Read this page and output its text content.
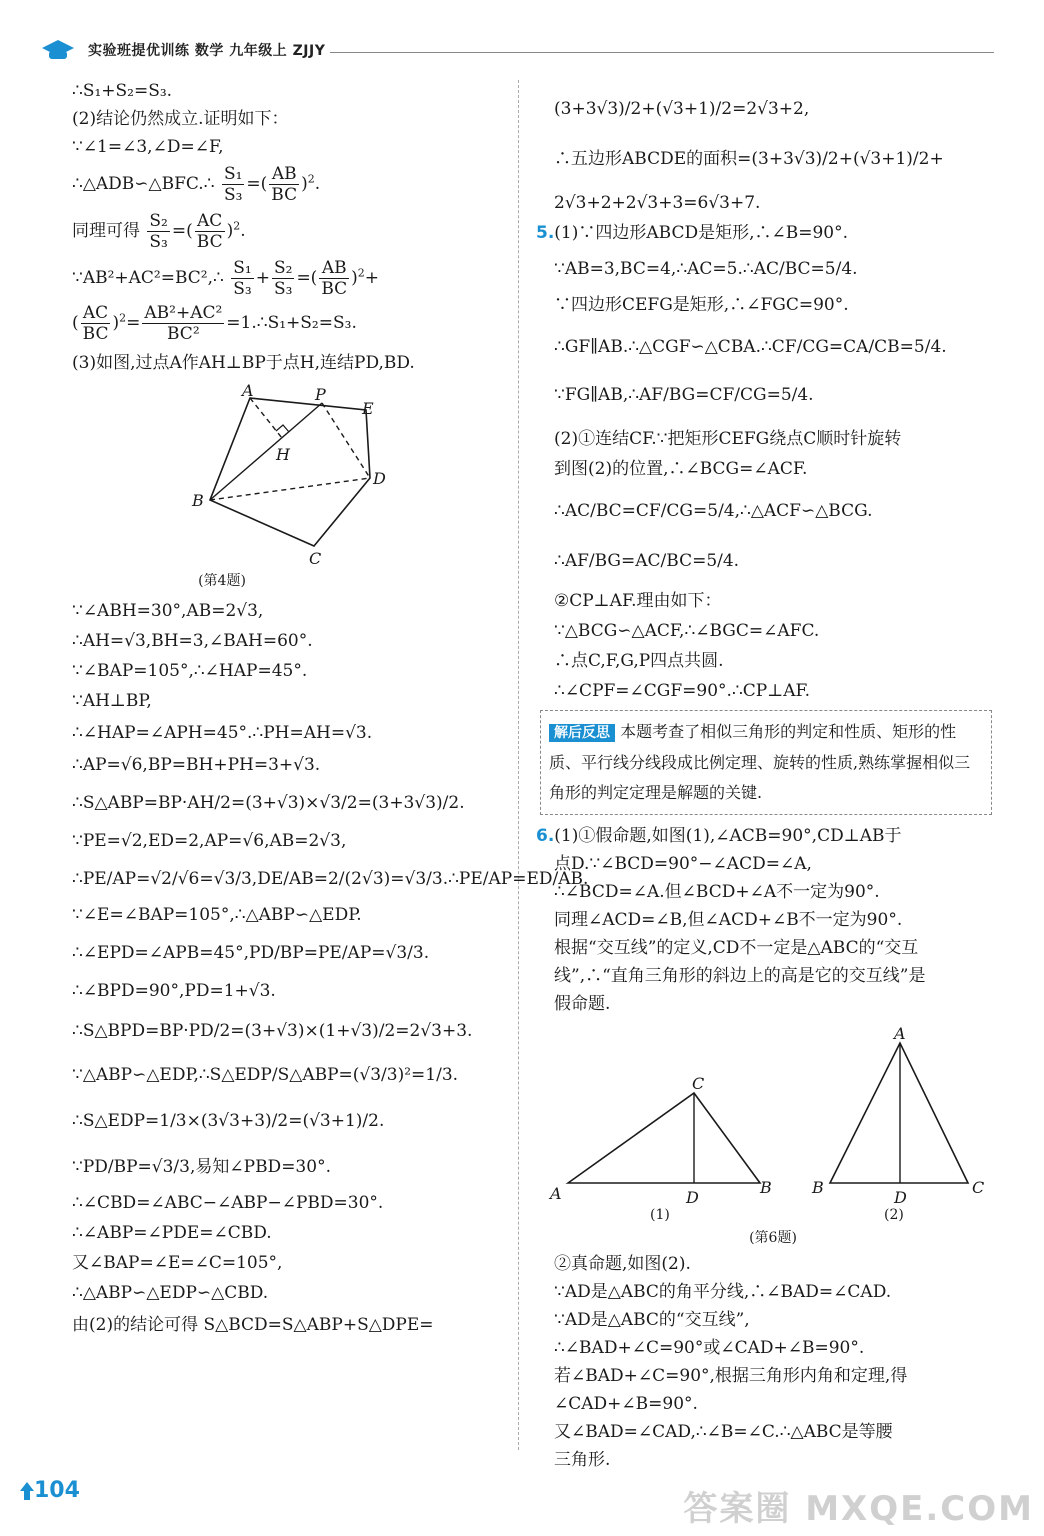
实验班提优训练 数学 九年级上 ZJJY
∴S₁+S₂=S₃.
(2)结论仍然成立.证明如下：
∵∠1=∠3,∠D=∠F,
∴△ADB∽△BFC.∴ $\frac{\text{S₁}}{\text{S₃}}$ =( $\frac{AB}{BC} )^2$.
同理可得 $\frac{\text{S₂}}{\text{S₃}}$ =( $\frac{AC}{BC} )^2$.
∵AB²+AC²=BC²,∴ $\frac{\text{S₁}}{\text{S₃}} + \frac{\text{S₂}}{\text{S₃}}$ =( $\frac{AB}{BC} )^2+$
( $\frac{AC}{BC} )^2= \frac{\text{AB²+AC²}}{\text{BC²}}$ =1.∴S₁+S₂=S₃.
(3)如图,过点A作AH⊥BP于点H,连结PD,BD.
A	P
E
H
D
B
C
(第4题)
∵∠ABH=30°,AB=2√3,
∴AH=√3,BH=3,∠BAH=60°.
∵∠BAP=105°,∴∠HAP=45°.
∵AH⊥BP,
∴∠HAP=∠APH=45°.∴PH=AH=√3.
∴AP=√6,BP=BH+PH=3+√3.
∴S△ABP=BP·AH/2=(3+√3)×√3/2=(3+3√3)/2.
∵PE=√2,ED=2,AP=√6,AB=2√3,
∴PE/AP=√2/√6=√3/3,DE/AB=2/(2√3)=√3/3.∴PE/AP=ED/AB.
∵∠E=∠BAP=105°,∴△ABP∽△EDP.
∴∠EPD=∠APB=45°,PD/BP=PE/AP=√3/3.
∴∠BPD=90°,PD=1+√3.
∴S△BPD=BP·PD/2=(3+√3)×(1+√3)/2=2√3+3.
∵△ABP∽△EDP,∴S△EDP/S△ABP=(√3/3)²=1/3.
∴S△EDP=1/3×(3√3+3)/2=(√3+1)/2.
∵PD/BP=√3/3,易知∠PBD=30°.
∴∠CBD=∠ABC−∠ABP−∠PBD=30°.
∴∠ABP=∠PDE=∠CBD.
又∠BAP=∠E=∠C=105°,
∴△ABP∽△EDP∽△CBD.
由(2)的结论可得 S△BCD=S△ABP+S△DPE=
(3+3√3)/2+(√3+1)/2=2√3+2,
∴五边形ABCDE的面积=(3+3√3)/2+(√3+1)/2+
2√3+2+2√3+3=6√3+7.
5.(1)∵四边形ABCD是矩形,∴∠B=90°.
∵AB=3,BC=4,∴AC=5.∴AC/BC=5/4.
∵四边形CEFG是矩形,∴∠FGC=90°.
∴GF∥AB.∴△CGF∽△CBA.∴CF/CG=CA/CB=5/4.
∵FG∥AB,∴AF/BG=CF/CG=5/4.
(2)①连结CF.∵把矩形CEFG绕点C顺时针旋转
到图(2)的位置,∴∠BCG=∠ACF.
∴AC/BC=CF/CG=5/4,∴△ACF∽△BCG.
∴AF/BG=AC/BC=5/4.
②CP⊥AF.理由如下：
∵△BCG∽△ACF,∴∠BGC=∠AFC.
∴点C,F,G,P四点共圆.
∴∠CPF=∠CGF=90°.∴CP⊥AF.
解后反思 本题考查了相似三角形的判定和性质、矩形的性质、平行线分线段成比例定理、旋转的性质,熟练掌握相似三角形的判定定理是解题的关键.
6.(1)①假命题,如图(1),∠ACB=90°,CD⊥AB于
点D.∵∠BCD=90°−∠ACD=∠A,
∴∠BCD=∠A.但∠BCD+∠A不一定为90°.
同理∠ACD=∠B,但∠ACD+∠B不一定为90°.
根据“交互线”的定义,CD不一定是△ABC的“交互
线”,∴“直角三角形的斜边上的高是它的交互线”是
假命题.
C
A	D
B
(1)
A
B
D
C
(2)
(第6题)
②真命题,如图(2).
∵AD是△ABC的角平分线,∴∠BAD=∠CAD.
∵AD是△ABC的“交互线”,
∴∠BAD+∠C=90°或∠CAD+∠B=90°.
若∠BAD+∠C=90°,根据三角形内角和定理,得
∠CAD+∠B=90°.
又∠BAD=∠CAD,∴∠B=∠C.∴△ABC是等腰
三角形.
104	答案圈 MXQE.COM
